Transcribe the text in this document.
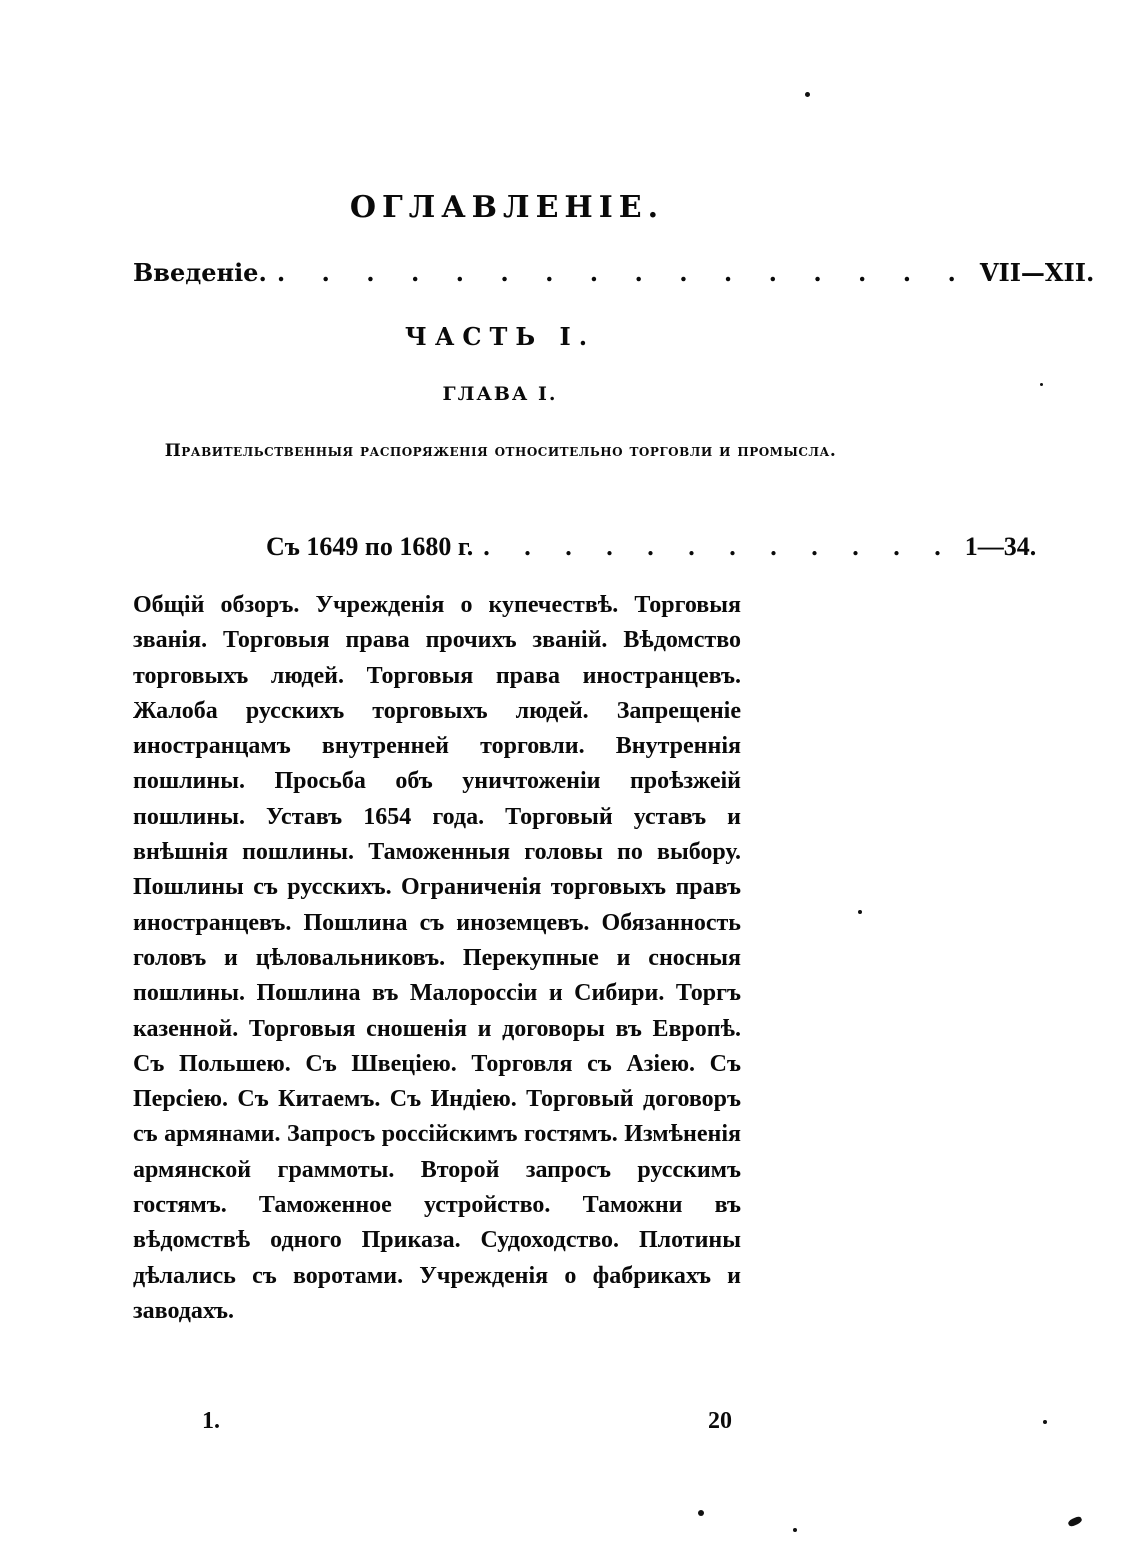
ОГЛАВЛЕНIЕ.
Введенiе. . . . . . . . . . . . . . . . . VII—XII.
ЧАСТЬ I.
ГЛАВА I.
Правительственныя распоряженiя относительно торговли и промысла.
Съ 1649 по 1680 г. . . . . . . . . . . . . 1—34.
Общiй обзоръ. Учрежденiя о купечествѣ. Торговыя званiя. Торговыя права прочихъ званiй. Вѣдомство торговыхъ людей. Торговыя права иностранцевъ. Жалоба русскихъ торговыхъ людей. Запрещенiе иностранцамъ внутренней торговли. Внутреннiя пошлины. Просьба объ уничтоженiи проѣзжеiй пошлины. Уставъ 1654 года. Торговый уставъ и внѣшнiя пошлины. Таможенныя головы по выбору. Пошлины съ русскихъ. Ограниченiя торговыхъ правъ иностранцевъ. Пошлина съ иноземцевъ. Обязанность головъ и цѣловальниковъ. Перекупные и сносныя пошлины. Пошлина въ Малороссiи и Сибири. Торгъ казенной. Торговыя сношенiя и договоры въ Европѣ. Съ Польшею. Съ Швецiею. Торговля съ Азiею. Съ Персiею. Съ Китаемъ. Съ Индiею. Торговый договоръ съ армянами. Запросъ россiйскимъ гостямъ. Измѣненiя армянской граммоты. Второй запросъ русскимъ гостямъ. Таможенное устройство. Таможни въ вѣдомствѣ одного Приказа. Судоходство. Плотины дѣлались съ воротами. Учрежденiя о фабрикахъ и заводахъ.
1.	20
